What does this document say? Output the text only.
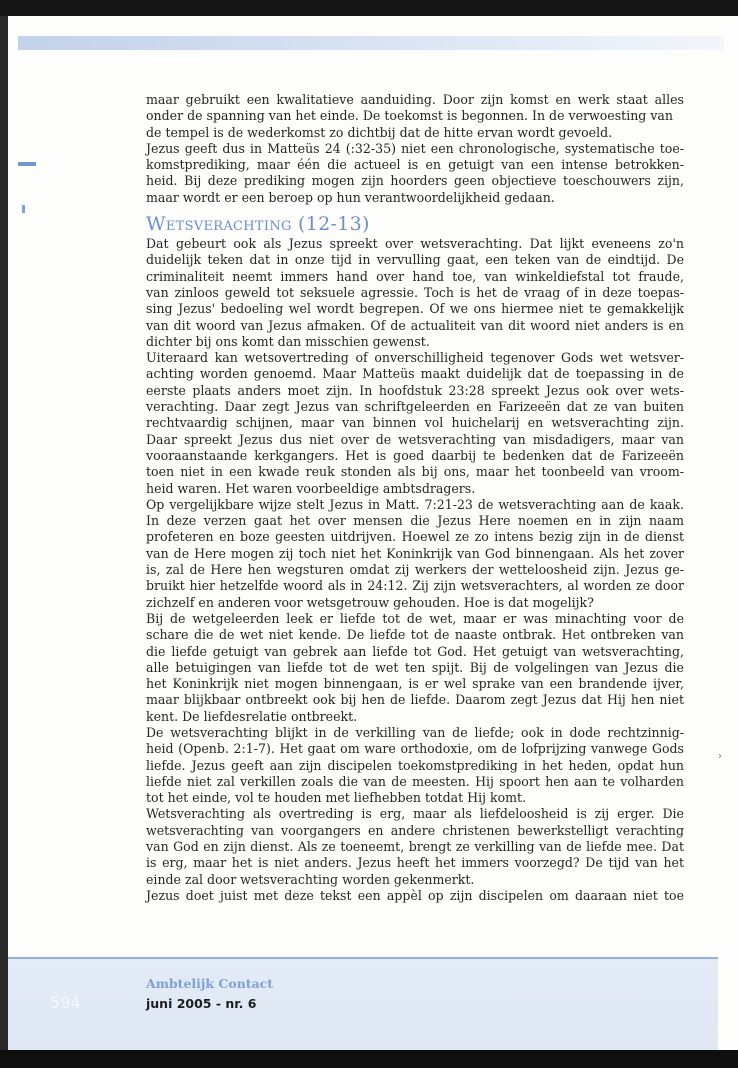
›
maar gebruikt een kwalitatieve aanduiding. Door zijn komst en werk staat alles
onder de spanning van het einde. De toekomst is begonnen. In de verwoesting van
de tempel is de wederkomst zo dichtbij dat de hitte ervan wordt gevoeld.
Jezus geeft dus in Matteüs 24 (:32-35) niet een chronologische, systematische toe-
komstprediking, maar één die actueel is en getuigt van een intense betrokken-
heid. Bij deze prediking mogen zijn hoorders geen objectieve toeschouwers zijn,
maar wordt er een beroep op hun verantwoordelijkheid gedaan.
Wetsverachting (12-13)
Dat gebeurt ook als Jezus spreekt over wetsverachting. Dat lijkt eveneens zo'n
duidelijk teken dat in onze tijd in vervulling gaat, een teken van de eindtijd. De
criminaliteit neemt immers hand over hand toe, van winkeldiefstal tot fraude,
van zinloos geweld tot seksuele agressie. Toch is het de vraag of in deze toepas-
sing Jezus' bedoeling wel wordt begrepen. Of we ons hiermee niet te gemakkelijk
van dit woord van Jezus afmaken. Of de actualiteit van dit woord niet anders is en
dichter bij ons komt dan misschien gewenst.
Uiteraard kan wetsovertreding of onverschilligheid tegenover Gods wet wetsver-
achting worden genoemd. Maar Matteüs maakt duidelijk dat de toepassing in de
eerste plaats anders moet zijn. In hoofdstuk 23:28 spreekt Jezus ook over wets-
verachting. Daar zegt Jezus van schriftgeleerden en Farizeeën dat ze van buiten
rechtvaardig schijnen, maar van binnen vol huichelarij en wetsverachting zijn.
Daar spreekt Jezus dus niet over de wetsverachting van misdadigers, maar van
vooraanstaande kerkgangers. Het is goed daarbij te bedenken dat de Farizeeën
toen niet in een kwade reuk stonden als bij ons, maar het toonbeeld van vroom-
heid waren. Het waren voorbeeldige ambtsdragers.
Op vergelijkbare wijze stelt Jezus in Matt. 7:21-23 de wetsverachting aan de kaak.
In deze verzen gaat het over mensen die Jezus Here noemen en in zijn naam
profeteren en boze geesten uitdrijven. Hoewel ze zo intens bezig zijn in de dienst
van de Here mogen zij toch niet het Koninkrijk van God binnengaan. Als het zover
is, zal de Here hen wegsturen omdat zij werkers der wetteloosheid zijn. Jezus ge-
bruikt hier hetzelfde woord als in 24:12. Zij zijn wetsverachters, al worden ze door
zichzelf en anderen voor wetsgetrouw gehouden. Hoe is dat mogelijk?
Bij de wetgeleerden leek er liefde tot de wet, maar er was minachting voor de
schare die de wet niet kende. De liefde tot de naaste ontbrak. Het ontbreken van
die liefde getuigt van gebrek aan liefde tot God. Het getuigt van wetsverachting,
alle betuigingen van liefde tot de wet ten spijt. Bij de volgelingen van Jezus die
het Koninkrijk niet mogen binnengaan, is er wel sprake van een brandende ijver,
maar blijkbaar ontbreekt ook bij hen de liefde. Daarom zegt Jezus dat Hij hen niet
kent. De liefdesrelatie ontbreekt.
De wetsverachting blijkt in de verkilling van de liefde; ook in dode rechtzinnig-
heid (Openb. 2:1-7). Het gaat om ware orthodoxie, om de lofprijzing vanwege Gods
liefde. Jezus geeft aan zijn discipelen toekomstprediking in het heden, opdat hun
liefde niet zal verkillen zoals die van de meesten. Hij spoort hen aan te volharden
tot het einde, vol te houden met liefhebben totdat Hij komt.
Wetsverachting als overtreding is erg, maar als liefdeloosheid is zij erger. Die
wetsverachting van voorgangers en andere christenen bewerkstelligt verachting
van God en zijn dienst. Als ze toeneemt, brengt ze verkilling van de liefde mee. Dat
is erg, maar het is niet anders. Jezus heeft het immers voorzegd? De tijd van het
einde zal door wetsverachting worden gekenmerkt.
Jezus doet juist met deze tekst een appèl op zijn discipelen om daaraan niet toe
594
Ambtelijk Contact
juni 2005 - nr. 6
